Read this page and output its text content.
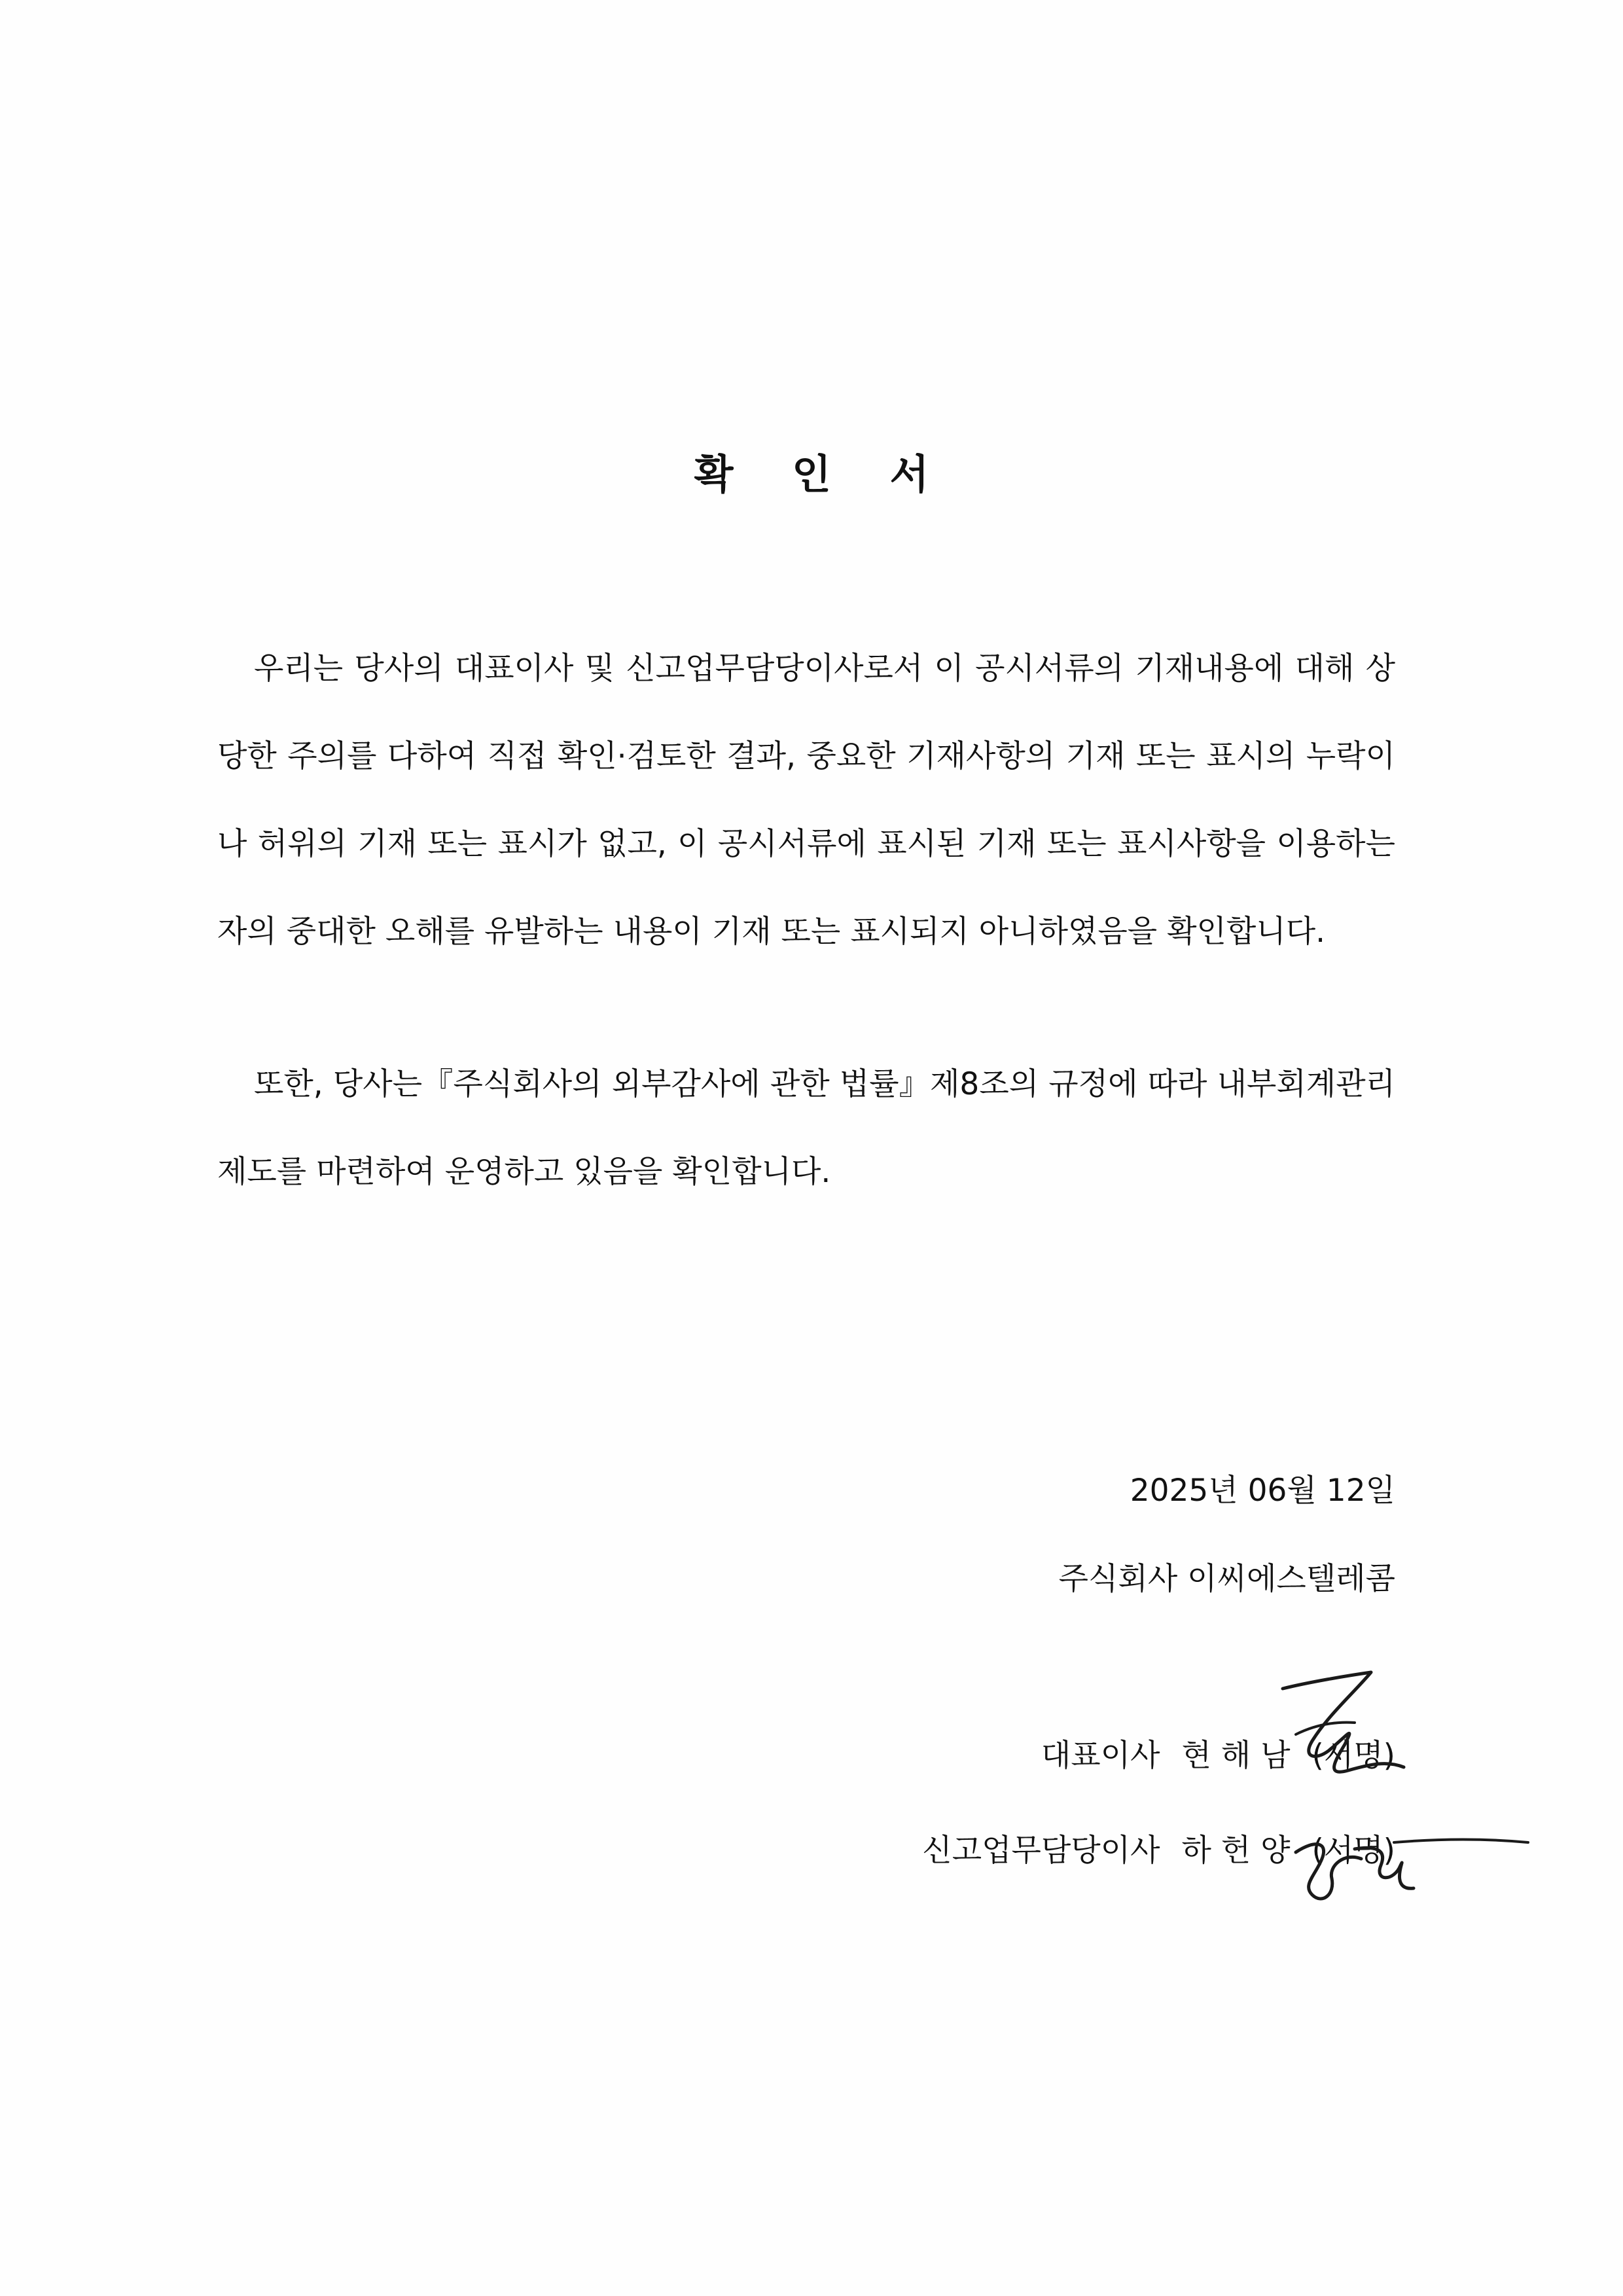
확 인 서

우리는 당사의 대표이사 및 신고업무담당이사로서 이 공시서류의 기재내용에 대해 상당한 주의를 다하여 직접 확인·검토한 결과, 중요한 기재사항의 기재 또는 표시의 누락이나 허위의 기재 또는 표시가 없고, 이 공시서류에 표시된 기재 또는 표시사항을 이용하는 자의 중대한 오해를 유발하는 내용이 기재 또는 표시되지 아니하였음을 확인합니다.

또한, 당사는『주식회사의 외부감사에 관한 법률』제8조의 규정에 따라 내부회계관리제도를 마련하여 운영하고 있음을 확인합니다.

2025년 06월 12일
주식회사 이씨에스텔레콤
대표이사 현 해 남 (서명)
신고업무담당이사 하 헌 양 (서명)
